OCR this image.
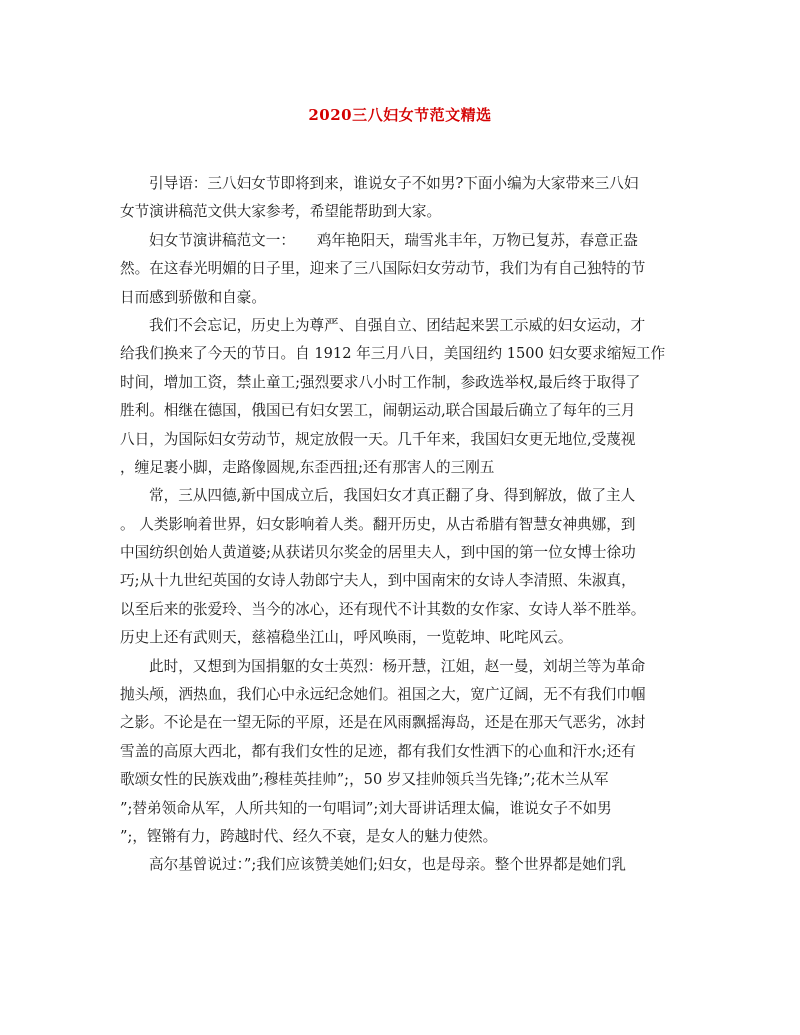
2020三八妇女节范文精选
引导语：三八妇女节即将到来，谁说女子不如男?下面小编为大家带来三八妇
女节演讲稿范文供大家参考，希望能帮助到大家。
妇女节演讲稿范文一：　　鸡年艳阳天，瑞雪兆丰年，万物已复苏，春意正盎
然。在这春光明媚的日子里，迎来了三八国际妇女劳动节，我们为有自己独特的节
日而感到骄傲和自豪。
我们不会忘记，历史上为尊严、自强自立、团结起来罢工示威的妇女运动，才
给我们换来了今天的节日。自 1912 年三月八日，美国纽约 1500 妇女要求缩短工作
时间，增加工资，禁止童工;强烈要求八小时工作制，参政选举权,最后终于取得了
胜利。相继在德国，俄国已有妇女罢工，闹朝运动,联合国最后确立了每年的三月
八日，为国际妇女劳动节，规定放假一天。几千年来，我国妇女更无地位,受蔑视
，缠足裹小脚，走路像圆规,东歪西扭;还有那害人的三刚五
常，三从四德,新中国成立后，我国妇女才真正翻了身、得到解放，做了主人
。 人类影响着世界，妇女影响着人类。翻开历史，从古希腊有智慧女神典娜，到
中国纺织创始人黄道婆;从获诺贝尔奖金的居里夫人，到中国的第一位女博士徐功
巧;从十九世纪英国的女诗人勃郎宁夫人，到中国南宋的女诗人李清照、朱淑真，
以至后来的张爱玲、当今的冰心，还有现代不计其数的女作家、女诗人举不胜举。
历史上还有武则天，慈禧稳坐江山，呼风唤雨，一览乾坤、叱咤风云。
此时，又想到为国捐躯的女士英烈：杨开慧，江姐，赵一曼，刘胡兰等为革命
抛头颅，洒热血，我们心中永远纪念她们。祖国之大，宽广辽阔，无不有我们巾帼
之影。不论是在一望无际的平原，还是在风雨飘摇海岛，还是在那天气恶劣，冰封
雪盖的高原大西北，都有我们女性的足迹，都有我们女性洒下的心血和汗水;还有
歌颂女性的民族戏曲”;穆桂英挂帅”;，50 岁又挂帅领兵当先锋;”;花木兰从军
”;替弟领命从军，人所共知的一句唱词”;刘大哥讲话理太偏，谁说女子不如男
”;，铿锵有力，跨越时代、经久不衰，是女人的魅力使然。
高尔基曾说过：”;我们应该赞美她们;妇女，也是母亲。整个世界都是她们乳
